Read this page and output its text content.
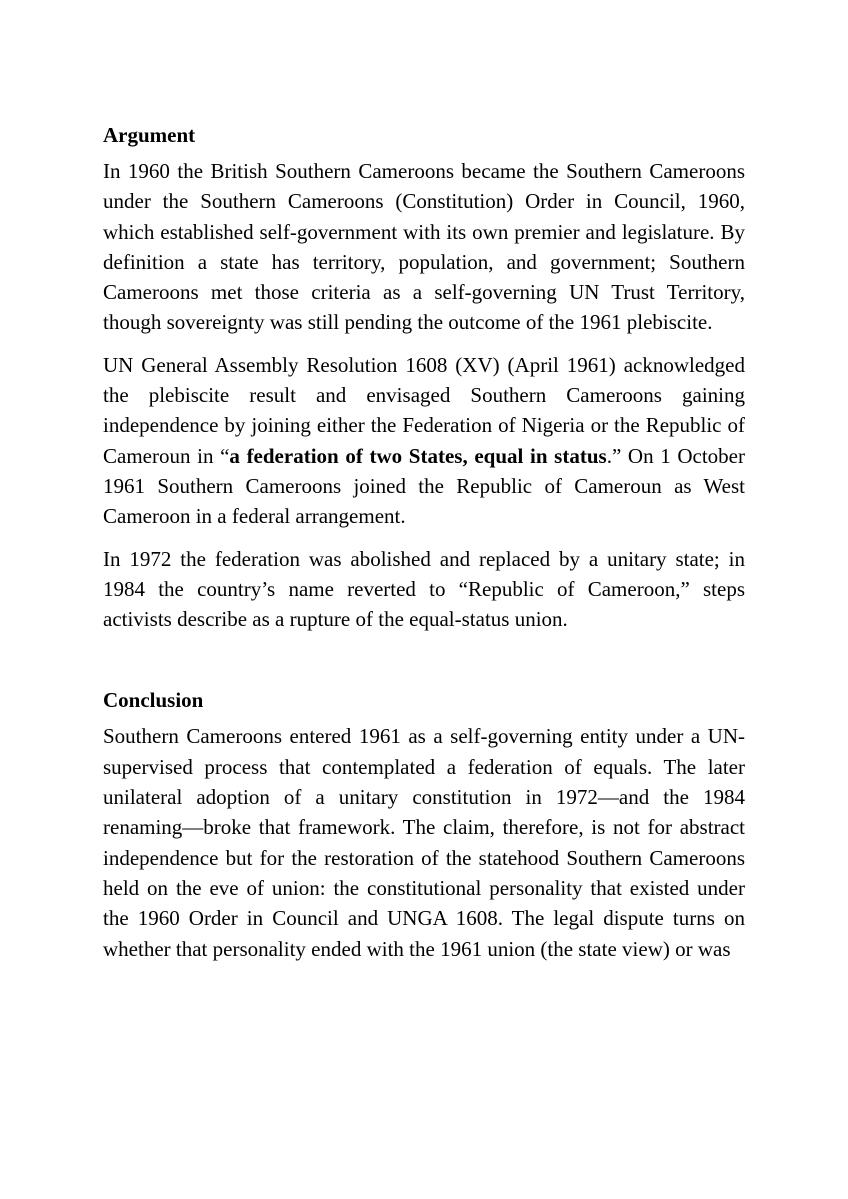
Argument

In 1960 the British Southern Cameroons became the Southern Cameroons under the Southern Cameroons (Constitution) Order in Council, 1960, which established self-government with its own premier and legislature. By definition a state has territory, population, and government; Southern Cameroons met those criteria as a self-governing UN Trust Territory, though sovereignty was still pending the outcome of the 1961 plebiscite.

UN General Assembly Resolution 1608 (XV) (April 1961) acknowledged the plebiscite result and envisaged Southern Cameroons gaining independence by joining either the Federation of Nigeria or the Republic of Cameroun in “a federation of two States, equal in status.” On 1 October 1961 Southern Cameroons joined the Republic of Cameroun as West Cameroon in a federal arrangement.

In 1972 the federation was abolished and replaced by a unitary state; in 1984 the country’s name reverted to “Republic of Cameroon,” steps activists describe as a rupture of the equal-status union.

Conclusion

Southern Cameroons entered 1961 as a self-governing entity under a UN-supervised process that contemplated a federation of equals. The later unilateral adoption of a unitary constitution in 1972—and the 1984 renaming—broke that framework. The claim, therefore, is not for abstract independence but for the restoration of the statehood Southern Cameroons held on the eve of union: the constitutional personality that existed under the 1960 Order in Council and UNGA 1608. The legal dispute turns on whether that personality ended with the 1961 union (the state view) or was
